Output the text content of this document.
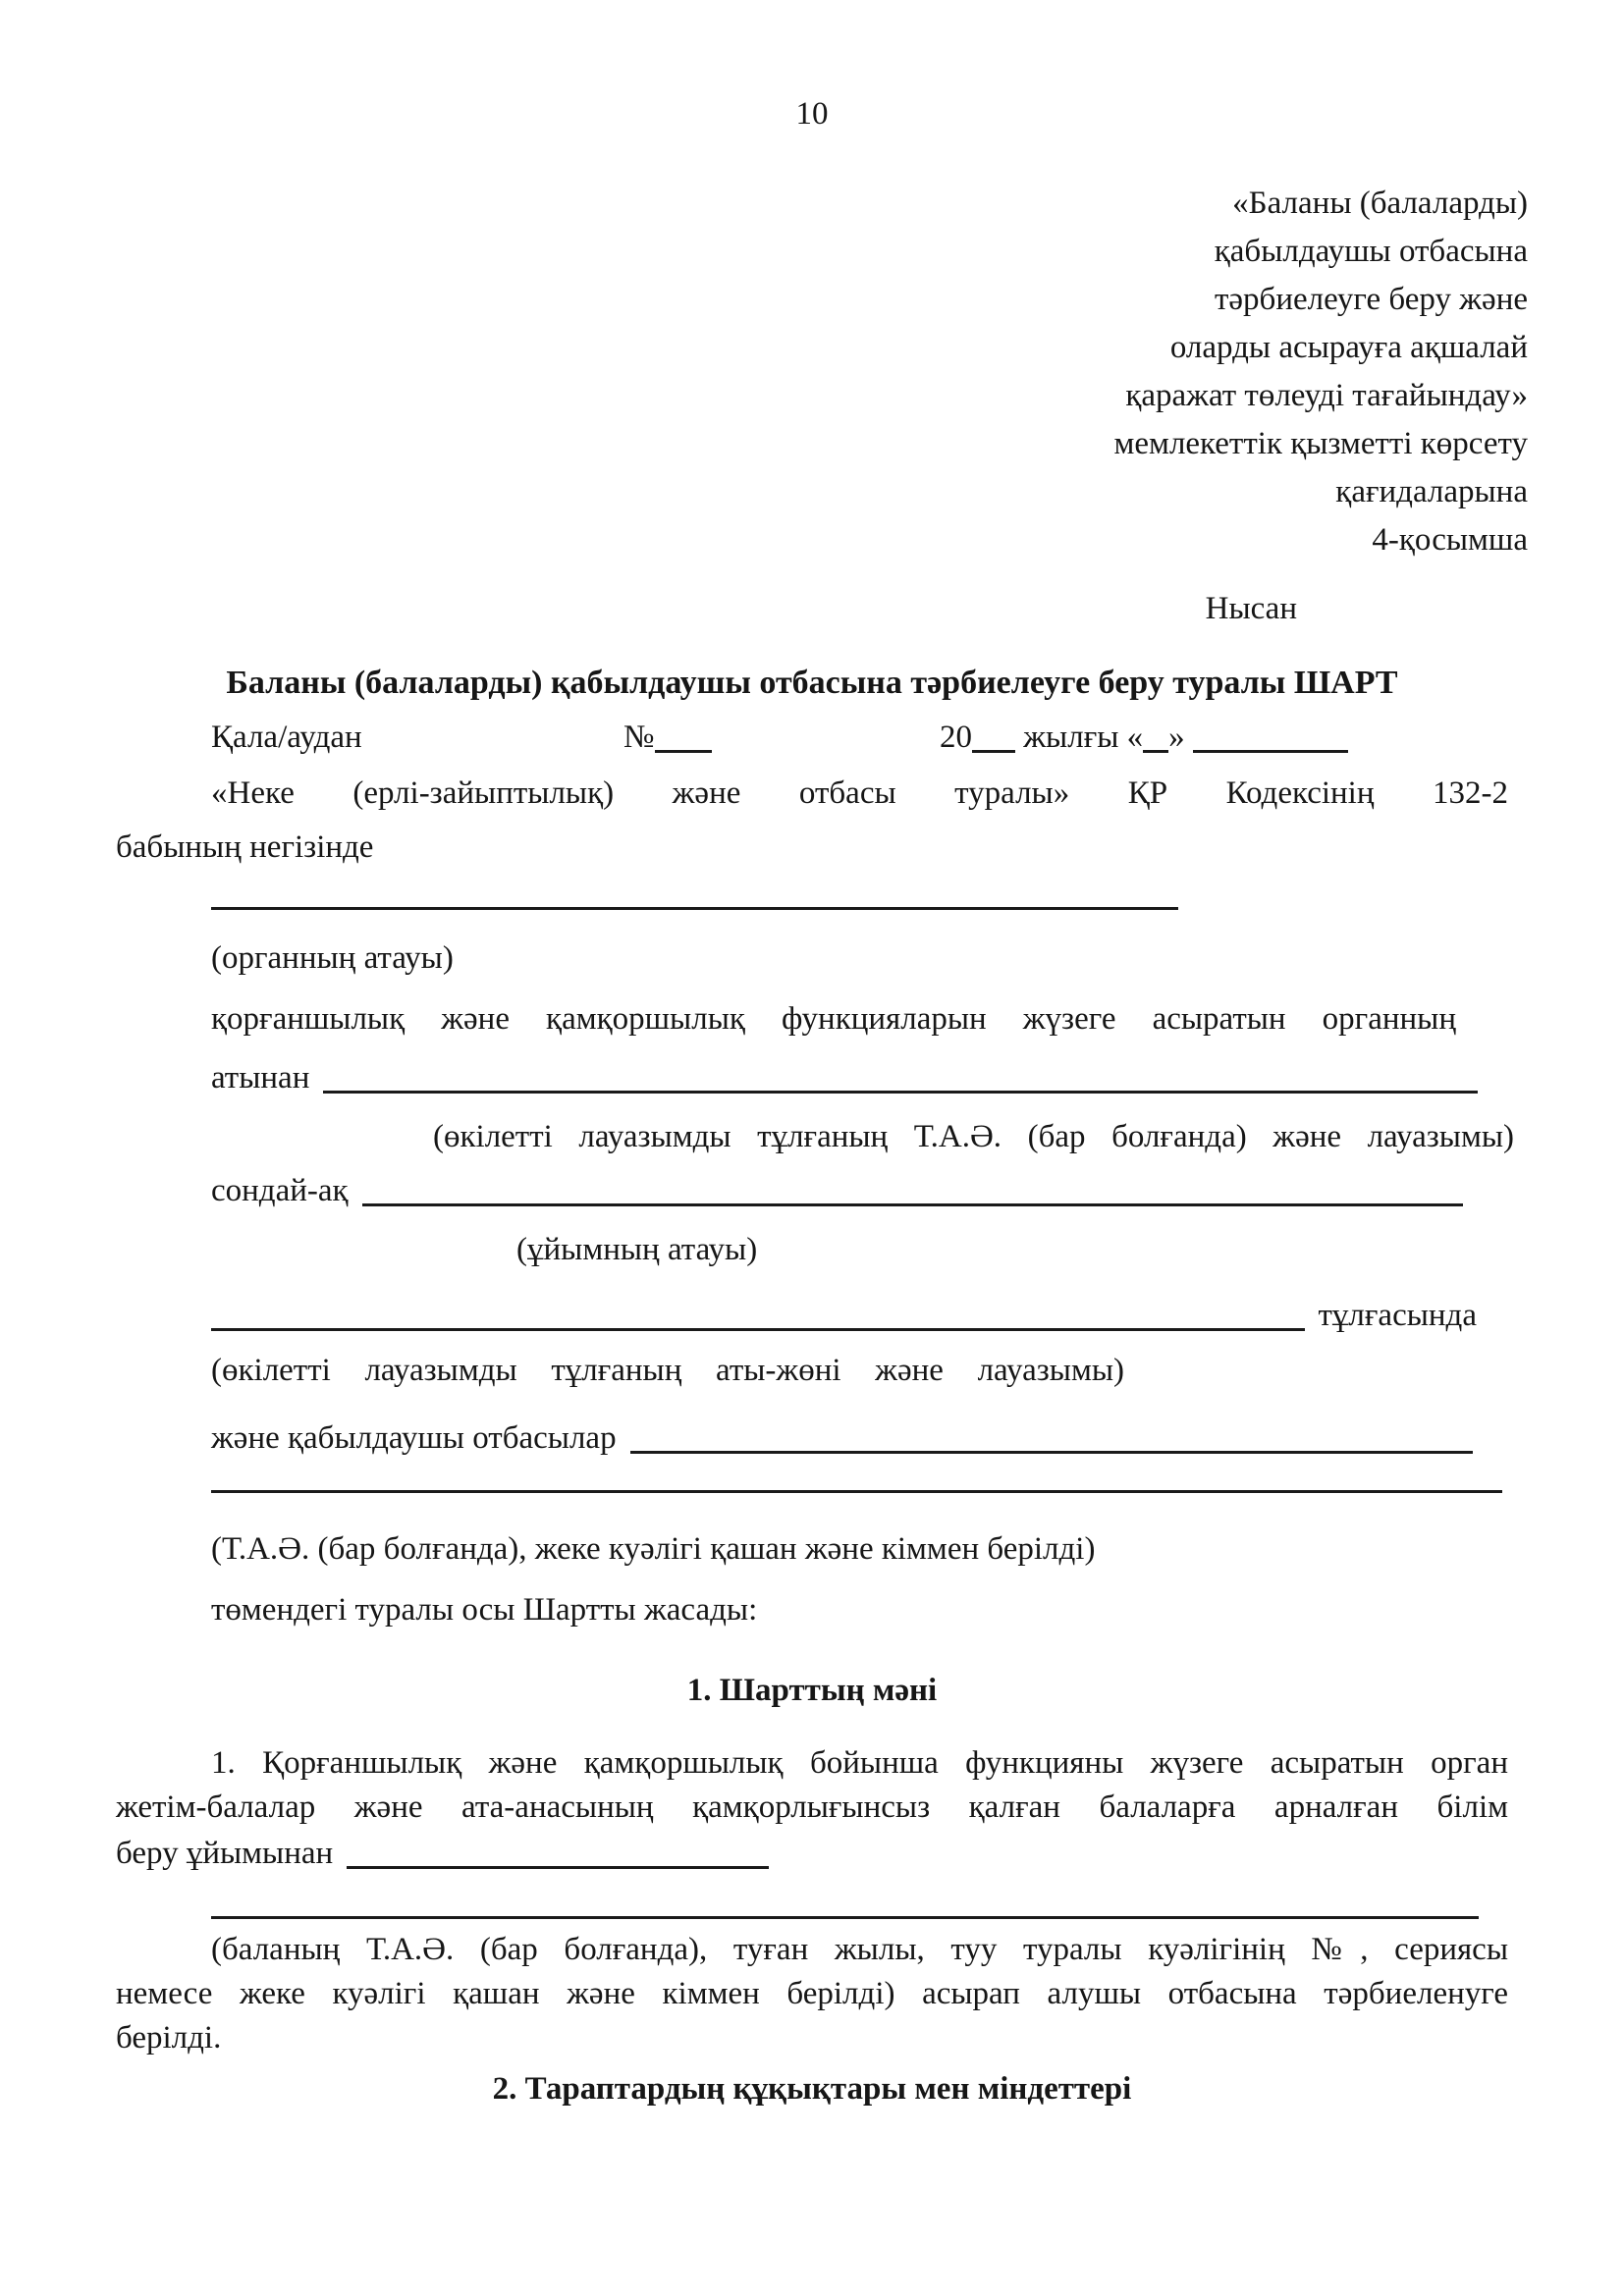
10
«Баланы (балаларды)
қабылдаушы отбасына
тәрбиелеуге беру және
оларды асырауға ақшалай
қаражат төлеуді тағайындау»
мемлекеттік қызметті көрсету
қағидаларына
4-қосымша
Нысан
Баланы (балаларды) қабылдаушы отбасына тәрбиелеуге беру туралы ШАРТ
Қала/аудан	№	20 жылғы « »
«Неке (ерлі-зайыптылық) және отбасы туралы» ҚР Кодексінің 132-2
бабының негізінде
(органның атауы)
қорғаншылық және қамқоршылық функцияларын жүзеге асыратын органның
атынан
(өкілетті лауазымды тұлғаның Т.А.Ә. (бар болғанда) және лауазымы)
сондай-ақ
(ұйымның атауы)
тұлғасында
(өкілетті лауазымды тұлғаның аты-жөні және лауазымы)
және қабылдаушы отбасылар
(Т.А.Ә. (бар болғанда), жеке куәлігі қашан және кіммен берілді)
төмендегі туралы осы Шартты жасады:
1. Шарттың мәні
1. Қорғаншылық және қамқоршылық бойынша функцияны жүзеге асыратын орган
жетім-балалар және ата-анасының қамқорлығынсыз қалған балаларға арналған білім
беру ұйымынан
(баланың Т.А.Ә. (бар болғанда), туған жылы, туу туралы куәлігінің №, сериясы
немесе жеке куәлігі қашан және кіммен берілді) асырап алушы отбасына тәрбиеленуге
берілді.
2. Тараптардың құқықтары мен міндеттері
